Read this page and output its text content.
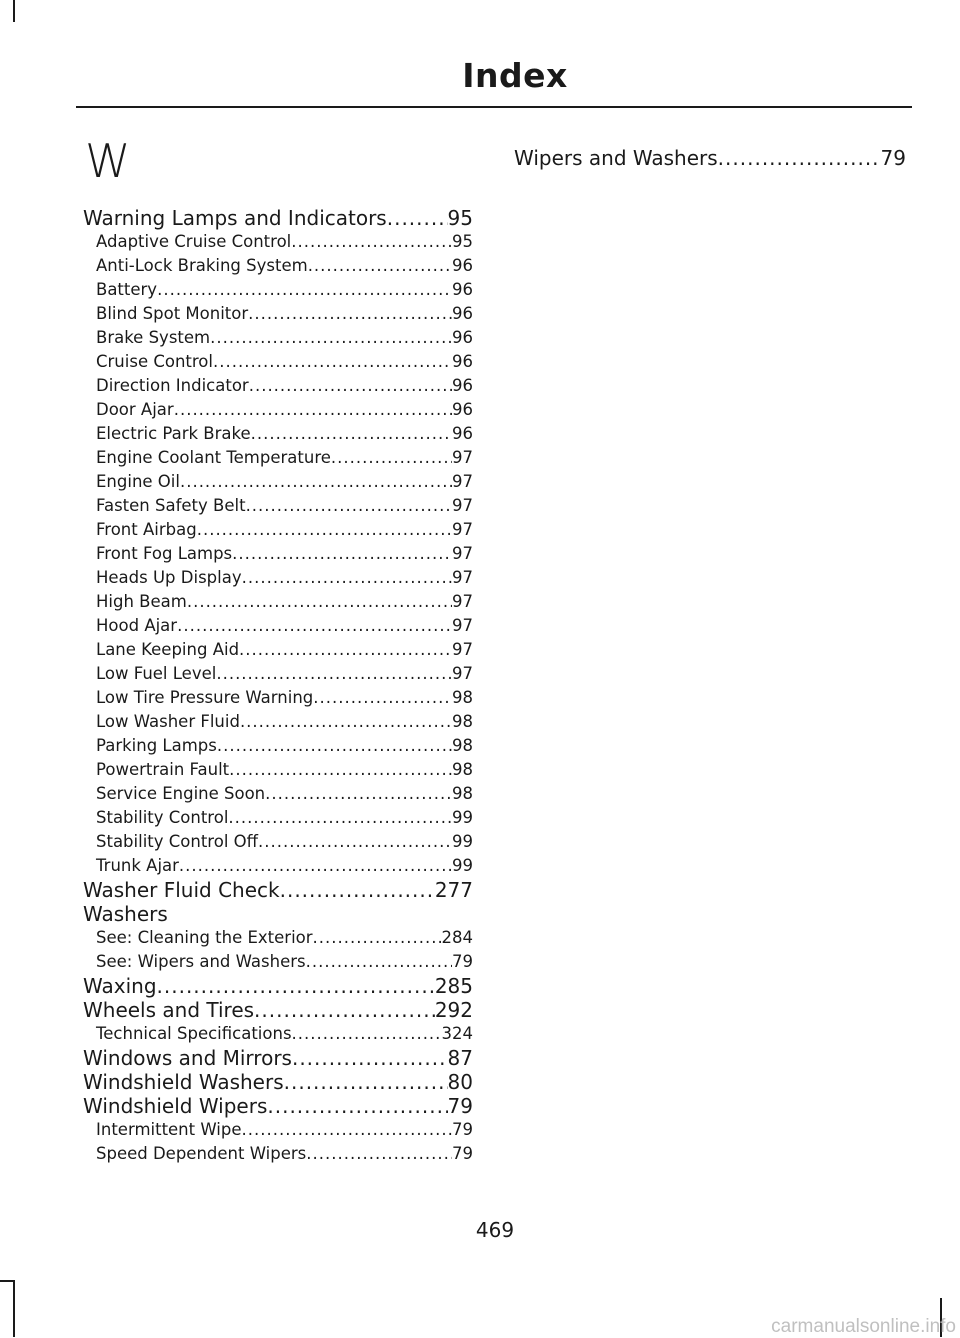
Index
W
Warning Lamps and Indicators .....	95
Adaptive Cruise Control .....	95
Anti-Lock Braking System .....	96
Battery .....	96
Blind Spot Monitor .....	96
Brake System .....	96
Cruise Control .....	96
Direction Indicator .....	96
Door Ajar .....	96
Electric Park Brake .....	96
Engine Coolant Temperature .....	97
Engine Oil .....	97
Fasten Safety Belt .....	97
Front Airbag .....	97
Front Fog Lamps .....	97
Heads Up Display .....	97
High Beam .....	97
Hood Ajar .....	97
Lane Keeping Aid .....	97
Low Fuel Level .....	97
Low Tire Pressure Warning .....	98
Low Washer Fluid .....	98
Parking Lamps .....	98
Powertrain Fault .....	98
Service Engine Soon .....	98
Stability Control .....	99
Stability Control Off .....	99
Trunk Ajar .....	99
Washer Fluid Check .....	277
Washers
See: Cleaning the Exterior .....	284
See: Wipers and Washers .....	79
Waxing .....	285
Wheels and Tires .....	292
Technical Specifications .....	324
Windows and Mirrors .....	87
Windshield Washers .....	80
Windshield Wipers .....	79
Intermittent Wipe .....	79
Speed Dependent Wipers .....	79
Wipers and Washers .....	79
469
carmanualsonline.info
